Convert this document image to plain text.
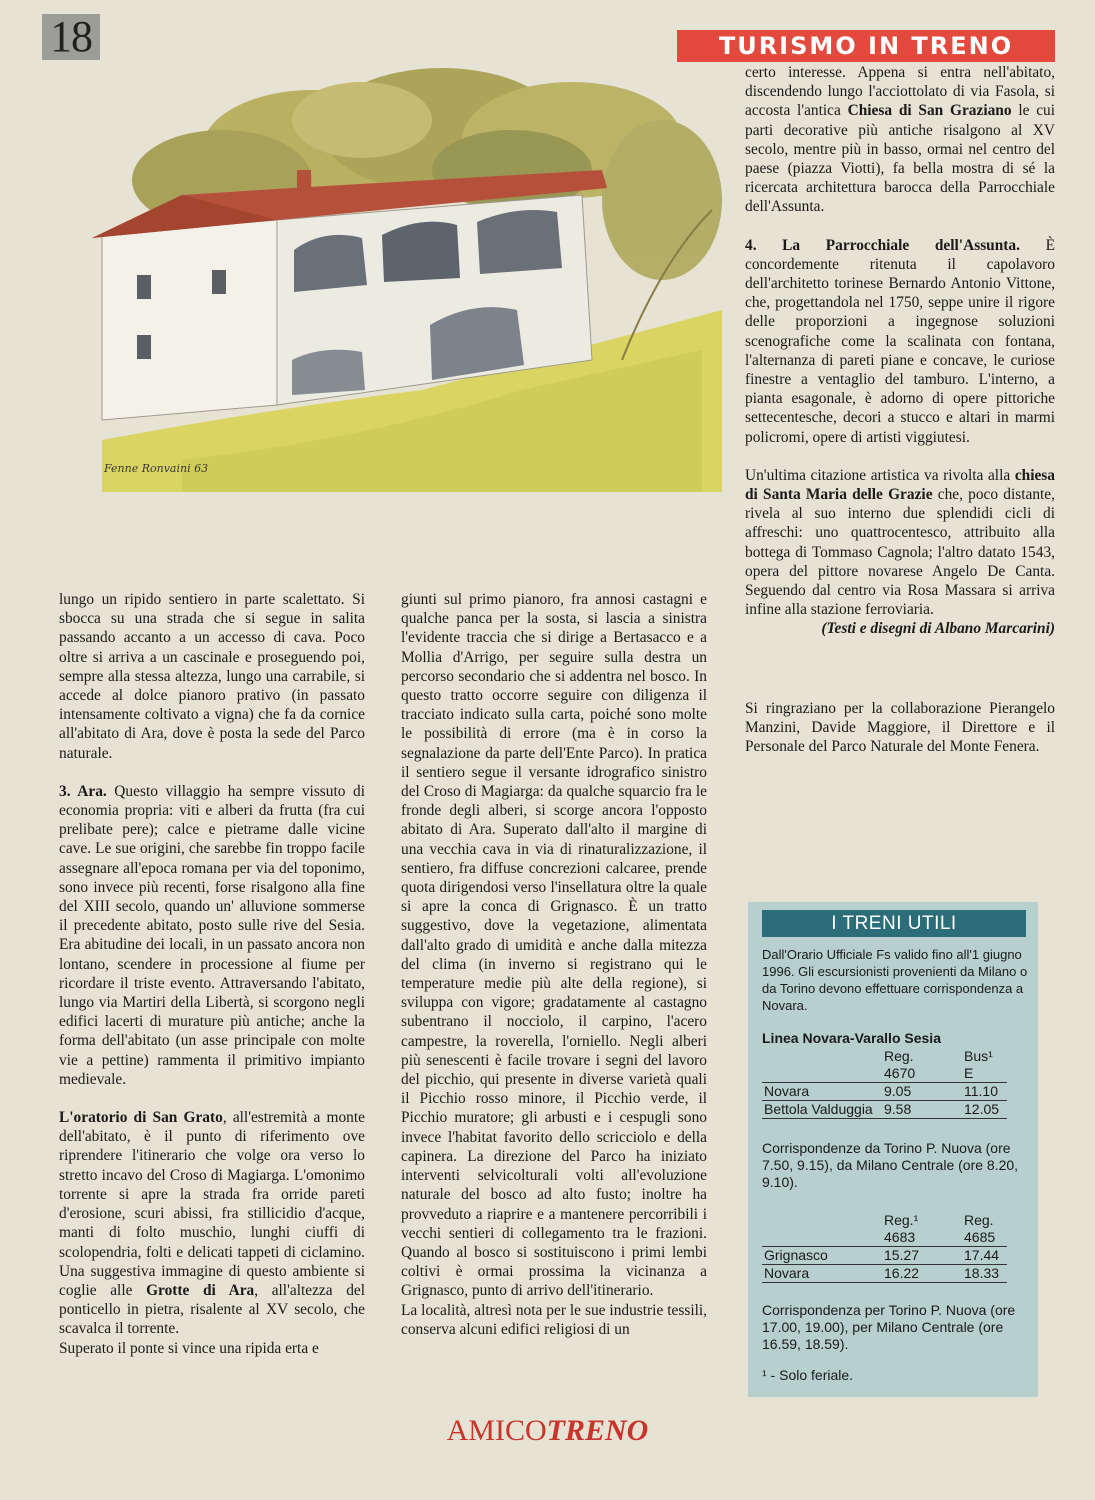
18	TURISMO IN TRENO
Fenne Ronvaini 63

lungo un ripido sentiero in parte scalettato. Si sbocca su una strada che si segue in salita passando accanto a un accesso di cava. Poco oltre si arriva a un cascinale e proseguendo poi, sempre alla stessa altezza, lungo una carrabile, si accede al dolce pianoro prativo (in passato intensamente coltivato a vigna) che fa da cornice all'abitato di Ara, dove è posta la sede del Parco naturale.

3. Ara. Questo villaggio ha sempre vissuto di economia propria: viti e alberi da frutta (fra cui prelibate pere); calce e pietrame dalle vicine cave. Le sue origini, che sarebbe fin troppo facile assegnare all'epoca romana per via del toponimo, sono invece più recenti, forse risalgono alla fine del XIII secolo, quando un' alluvione sommerse il precedente abitato, posto sulle rive del Sesia. Era abitudine dei locali, in un passato ancora non lontano, scendere in processione al fiume per ricordare il triste evento. Attraversando l'abitato, lungo via Martiri della Libertà, si scorgono negli edifici lacerti di murature più antiche; anche la forma dell'abitato (un asse principale con molte vie a pettine) rammenta il primitivo impianto medievale.

L'oratorio di San Grato, all'estremità a monte dell'abitato, è il punto di riferimento ove riprendere l'itinerario che volge ora verso lo stretto incavo del Croso di Magiarga. L'omonimo torrente si apre la strada fra orride pareti d'erosione, scuri abissi, fra stillicidio d'acque, manti di folto muschio, lunghi ciuffi di scolopendria, folti e delicati tappeti di ciclamino. Una suggestiva immagine di questo ambiente si coglie alle Grotte di Ara, all'altezza del ponticello in pietra, risalente al XV secolo, che scavalca il torrente.

Superato il ponte si vince una ripida erta e

giunti sul primo pianoro, fra annosi castagni e qualche panca per la sosta, si lascia a sinistra l'evidente traccia che si dirige a Bertasacco e a Mollia d'Arrigo, per seguire sulla destra un percorso secondario che si addentra nel bosco. In questo tratto occorre seguire con diligenza il tracciato indicato sulla carta, poiché sono molte le possibilità di errore (ma è in corso la segnalazione da parte dell'Ente Parco). In pratica il sentiero segue il versante idrografico sinistro del Croso di Magiarga: da qualche squarcio fra le fronde degli alberi, si scorge ancora l'opposto abitato di Ara. Superato dall'alto il margine di una vecchia cava in via di rinaturalizzazione, il sentiero, fra diffuse concrezioni calcaree, prende quota dirigendosi verso l'insellatura oltre la quale si apre la conca di Grignasco. È un tratto suggestivo, dove la vegetazione, alimentata dall'alto grado di umidità e anche dalla mitezza del clima (in inverno si registrano qui le temperature medie più alte della regione), si sviluppa con vigore; gradatamente al castagno subentrano il nocciolo, il carpino, l'acero campestre, la roverella, l'orniello. Negli alberi più senescenti è facile trovare i segni del lavoro del picchio, qui presente in diverse varietà quali il Picchio rosso minore, il Picchio verde, il Picchio muratore; gli arbusti e i cespugli sono invece l'habitat favorito dello scricciolo e della capinera. La direzione del Parco ha iniziato interventi selvicolturali volti all'evoluzione naturale del bosco ad alto fusto; inoltre ha provveduto a riaprire e a mantenere percorribili i vecchi sentieri di collegamento tra le frazioni. Quando al bosco si sostituiscono i primi lembi coltivi è ormai prossima la vicinanza a Grignasco, punto di arrivo dell'itinerario.

La località, altresì nota per le sue industrie tessili, conserva alcuni edifici religiosi di un

certo interesse. Appena si entra nell'abitato, discendendo lungo l'acciottolato di via Fasola, si accosta l'antica Chiesa di San Graziano le cui parti decorative più antiche risalgono al XV secolo, mentre più in basso, ormai nel centro del paese (piazza Viotti), fa bella mostra di sé la ricercata architettura barocca della Parrocchiale dell'Assunta.

4. La Parrocchiale dell'Assunta. È concordemente ritenuta il capolavoro dell'architetto torinese Bernardo Antonio Vittone, che, progettandola nel 1750, seppe unire il rigore delle proporzioni a ingegnose soluzioni scenografiche come la scalinata con fontana, l'alternanza di pareti piane e concave, le curiose finestre a ventaglio del tamburo. L'interno, a pianta esagonale, è adorno di opere pittoriche settecentesche, decori a stucco e altari in marmi policromi, opere di artisti viggiutesi.

Un'ultima citazione artistica va rivolta alla chiesa di Santa Maria delle Grazie che, poco distante, rivela al suo interno due splendidi cicli di affreschi: uno quattrocentesco, attribuito alla bottega di Tommaso Cagnola; l'altro datato 1543, opera del pittore novarese Angelo De Canta. Seguendo dal centro via Rosa Massara si arriva infine alla stazione ferroviaria.

(Testi e disegni di Albano Marcarini)

Si ringraziano per la collaborazione Pierangelo Manzini, Davide Maggiore, il Direttore e il Personale del Parco Naturale del Monte Fenera.

I TRENI UTILI
Dall'Orario Ufficiale Fs valido fino all'1 giugno 1996. Gli escursionisti provenienti da Milano o da Torino devono effettuare corrispondenza a Novara.
Linea Novara-Varallo Sesia
	Reg.	Bus¹
	4670	E
Novara	9.05	11.10
Bettola Valduggia	9.58	12.05
Corrispondenze da Torino P. Nuova (ore 7.50, 9.15), da Milano Centrale (ore 8.20, 9.10).
	Reg.¹	Reg.
	4683	4685
Grignasco	15.27	17.44
Novara	16.22	18.33
Corrispondenza per Torino P. Nuova (ore 17.00, 19.00), per Milano Centrale (ore 16.59, 18.59).
¹ - Solo feriale.
AMICOTRENO
